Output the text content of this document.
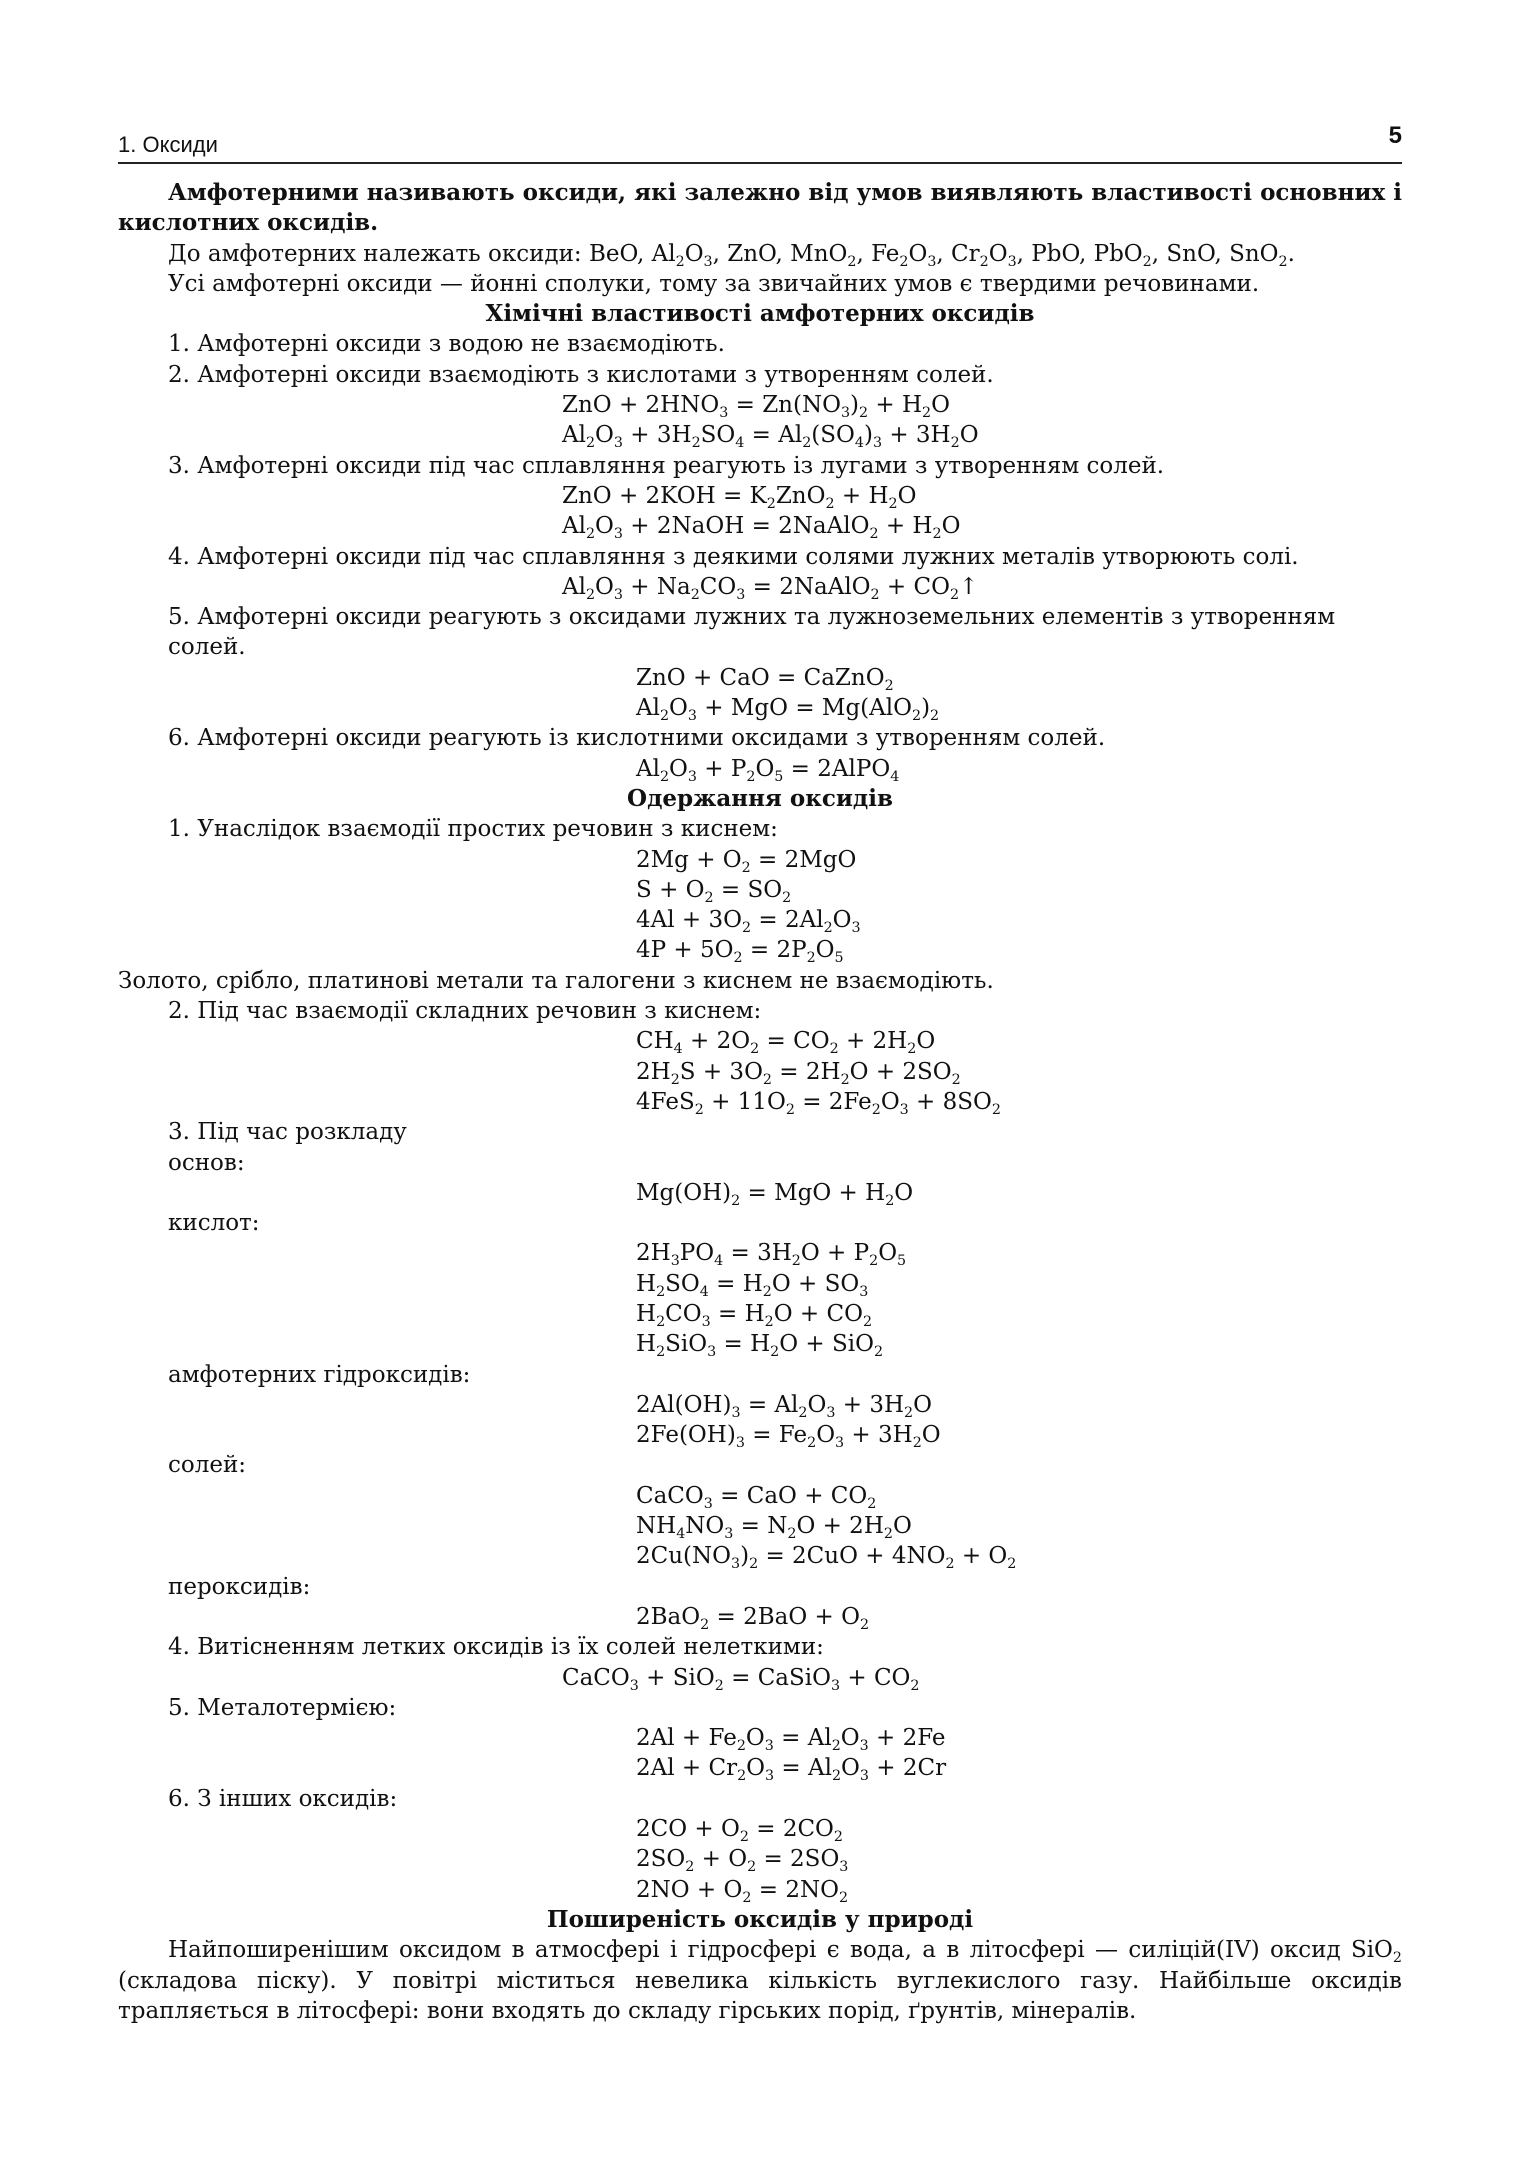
1. Оксиди	5

Амфотерними називають оксиди, які залежно від умов виявляють властивості основних і кислотних оксидів.

До амфотерних належать оксиди: BeO, $Al_2O_3$, ZnO, MnO$_2$, $Fe_2O_3$, $Cr_2O_3$, PbO, PbO$_2$, SnO, SnO$_2$.

Усі амфотерні оксиди — йонні сполуки, тому за звичайних умов є твердими речовинами.

Хімічні властивості амфотерних оксидів

1. Амфотерні оксиди з водою не взаємодіють.

2. Амфотерні оксиди взаємодіють з кислотами з утворенням солей.

ZnO + $2HNO_3 = Zn(NO_3)_2 + H_2O$

$Al_2O_3 + 3H_2SO_4 = Al_2(SO_4)_3 + 3H_2O$

3. Амфотерні оксиди під час сплавляння реагують із лугами з утворенням солей.

ZnO + $2KOH = K_2ZnO_2 + H_2O$

$Al_2O_3$ + 2NaOH = 2NaAlO$_2$ + $H_2O$

4. Амфотерні оксиди під час сплавляння з деякими солями лужних металів утворюють солі.

$Al_2O_3 + Na_2CO_3$ = 2NaAlO$_2$ + $CO_2↑$

5. Амфотерні оксиди реагують з оксидами лужних та лужноземельних елементів з утворенням солей.

ZnO + CaO = CaZnO$_2$

$Al_2O_3$ + MgO = $Mg(AlO_2)_2$

6. Амфотерні оксиди реагують із кислотними оксидами з утворенням солей.

$Al_2O_3 + P_2O_5$ = 2AlPO$_4$

Одержання оксидів

1. Унаслідок взаємодії простих речовин з киснем:

$2Mg + O_2 = 2MgO$

$S + O_2 = SO_2$

$4Al + 3O_2 = 2Al_2O_3$

$4P + 5O_2 = 2P_2O_5$

Золото, срібло, платинові метали та галогени з киснем не взаємодіють.

2. Під час взаємодії складних речовин з киснем:

$CH_4 + 2O_2 = CO_2 + 2H_2O$

$2H_2S + 3O_2 = 2H_2O + 2SO_2$

$4FeS_2 + 11O_2 = 2Fe_2O_3 + 8SO_2$

3. Під час розкладу

основ:

$Mg(OH)_2$ = MgO + $H_2O$

кислот:

$2H_3PO_4 = 3H_2O + P_2O_5$

$H_2SO_4 = H_2O + SO_3$

$H_2CO_3 = H_2O + CO_2$

$H_2SiO_3 = H_2O + SiO_2$

амфотерних гідроксидів:

$2Al(OH)_3 = Al_2O_3 + 3H_2O$

$2Fe(OH)_3 = Fe_2O_3 + 3H_2O$

солей:

CaCO$_3$ = CaO + $CO_2$

$NH_4NO_3 = N_2O + 2H_2O$

$2Cu(NO_3)_2 = 2CuO + 4NO_2 + O_2$

пероксидів:

$2BaO_2 = 2BaO + O_2$

4. Витісненням летких оксидів із їх солей нелеткими:

CaCO$_3$ + SiO$_2$ = CaSiO$_3$ + $CO_2$

5. Металотермією:

$2Al + Fe_2O_3 = Al_2O_3 + 2Fe$

$2Al + Cr_2O_3 = Al_2O_3 + 2Cr$

6. З інших оксидів:

$2CO + O_2 = 2CO_2$

$2SO_2 + O_2 = 2SO_3$

$2NO + O_2 = 2NO_2$

Поширеність оксидів у природі

Найпоширенішим оксидом в атмосфері і гідросфері є вода, а в літосфері — силіцій(IV) оксид SiO$_2$ (складова піску). У повітрі міститься невелика кількість вуглекислого газу. Найбільше оксидів трапляється в літосфері: вони входять до складу гірських порід, ґрунтів, мінералів.
